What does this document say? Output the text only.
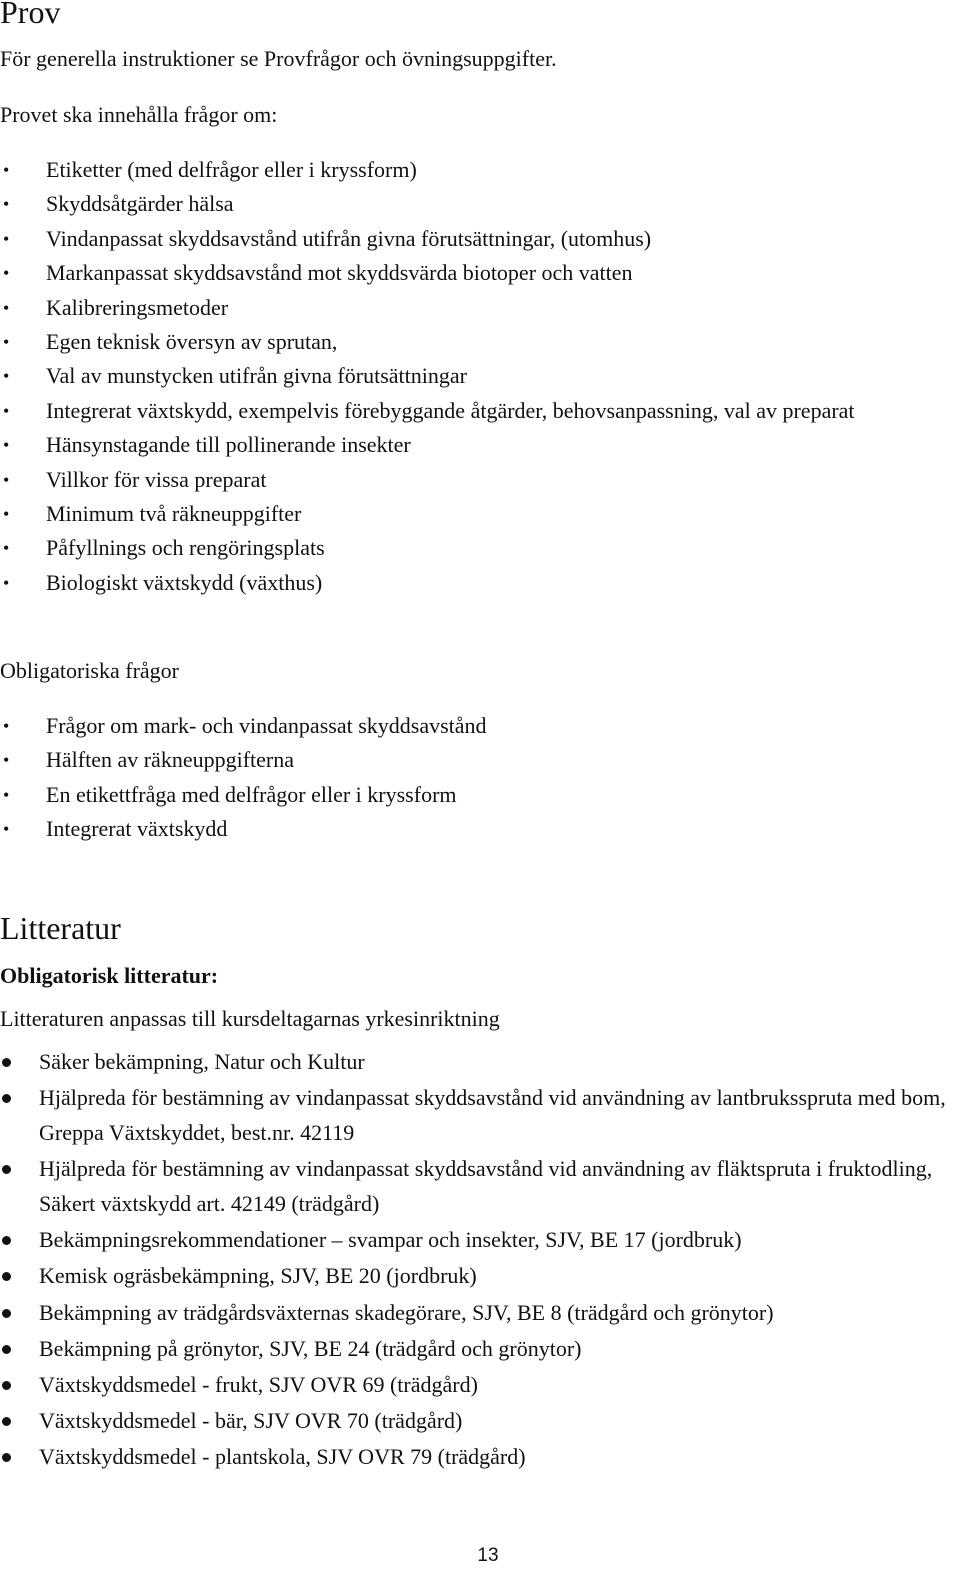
Prov

För generella instruktioner se Provfrågor och övningsuppgifter.

Provet ska innehålla frågor om:

• Etiketter (med delfrågor eller i kryssform)
• Skyddsåtgärder hälsa
• Vindanpassat skyddsavstånd utifrån givna förutsättningar, (utomhus)
• Markanpassat skyddsavstånd mot skyddsvärda biotoper och vatten
• Kalibreringsmetoder
• Egen teknisk översyn av sprutan,
• Val av munstycken utifrån givna förutsättningar
• Integrerat växtskydd, exempelvis förebyggande åtgärder, behovsanpassning, val av preparat
• Hänsynstagande till pollinerande insekter
• Villkor för vissa preparat
• Minimum två räkneuppgifter
• Påfyllnings och rengöringsplats
• Biologiskt växtskydd (växthus)

Obligatoriska frågor

• Frågor om mark- och vindanpassat skyddsavstånd
• Hälften av räkneuppgifterna
• En etikettfråga med delfrågor eller i kryssform
• Integrerat växtskydd
Litteratur

Obligatorisk litteratur:

Litteraturen anpassas till kursdeltagarnas yrkesinriktning

Säker bekämpning, Natur och Kultur
Hjälpreda för bestämning av vindanpassat skyddsavstånd vid användning av lantbruksspruta med bom, Greppa Växtskyddet, best.nr. 42119
Hjälpreda för bestämning av vindanpassat skyddsavstånd vid användning av fläktspruta i fruktodling, Säkert växtskydd art. 42149 (trädgård)
Bekämpningsrekommendationer – svampar och insekter, SJV, BE 17 (jordbruk)
Kemisk ogräsbekämpning, SJV, BE 20 (jordbruk)
Bekämpning av trädgårdsväxternas skadegörare, SJV, BE 8 (trädgård och grönytor)
Bekämpning på grönytor, SJV, BE 24 (trädgård och grönytor)
Växtskyddsmedel - frukt, SJV OVR 69 (trädgård)
Växtskyddsmedel - bär, SJV OVR 70 (trädgård)
Växtskyddsmedel - plantskola, SJV OVR 79 (trädgård)
13
